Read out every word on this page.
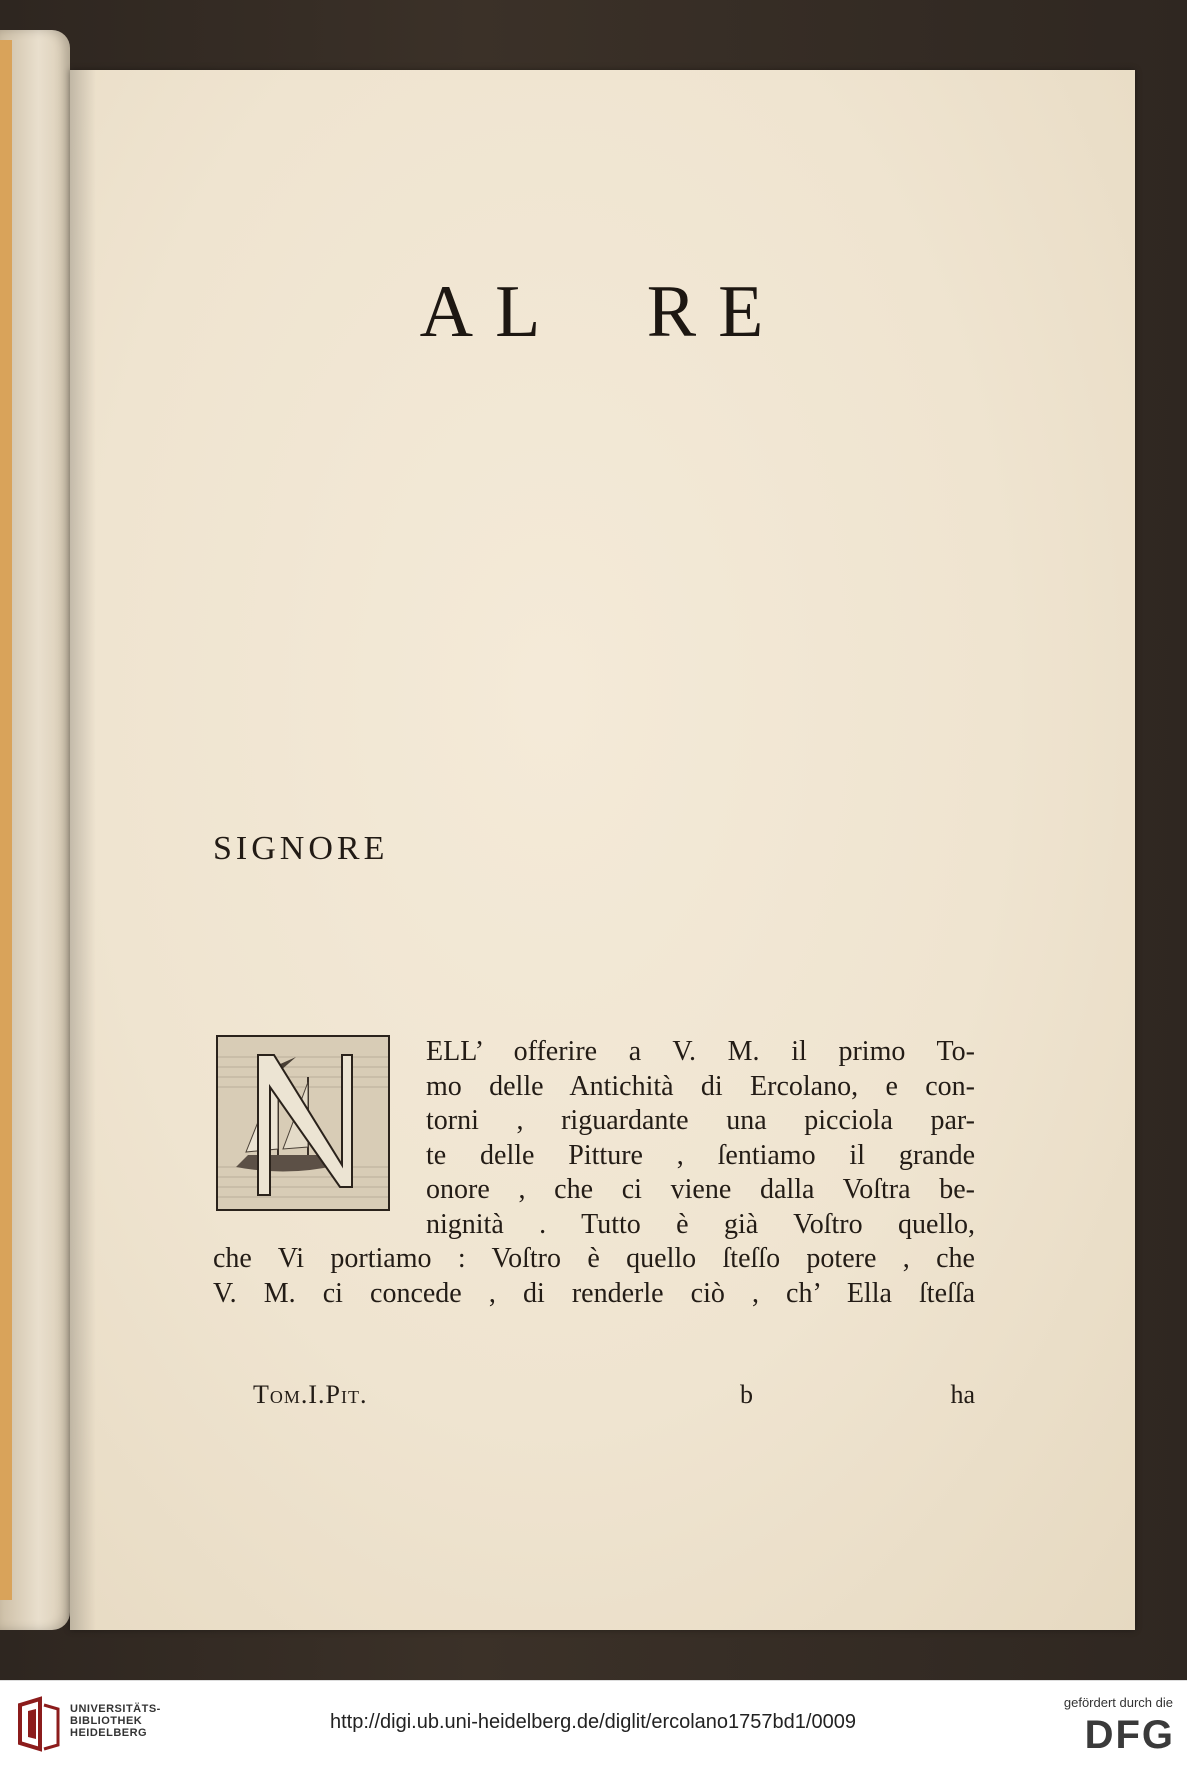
AL RE
SIGNORE
ELL’ offerire a V. M. il primo To-
mo delle Antichità di Ercolano, e con-
torni , riguardante una picciola par-
te delle Pitture , ſentiamo il grande
onore , che ci viene dalla Voſtra be-
nignità . Tutto è già Voſtro quello,
che Vi portiamo : Voſtro è quello ſteſſo potere , che
V. M. ci concede , di renderle ciò , ch’ Ella ſteſſa
Tom.I.Pit.	b	ha
UNIVERSITÄTS-
BIBLIOTHEK
HEIDELBERG	http://digi.ub.uni-heidelberg.de/diglit/ercolano1757bd1/0009
gefördert durch die
DFG
